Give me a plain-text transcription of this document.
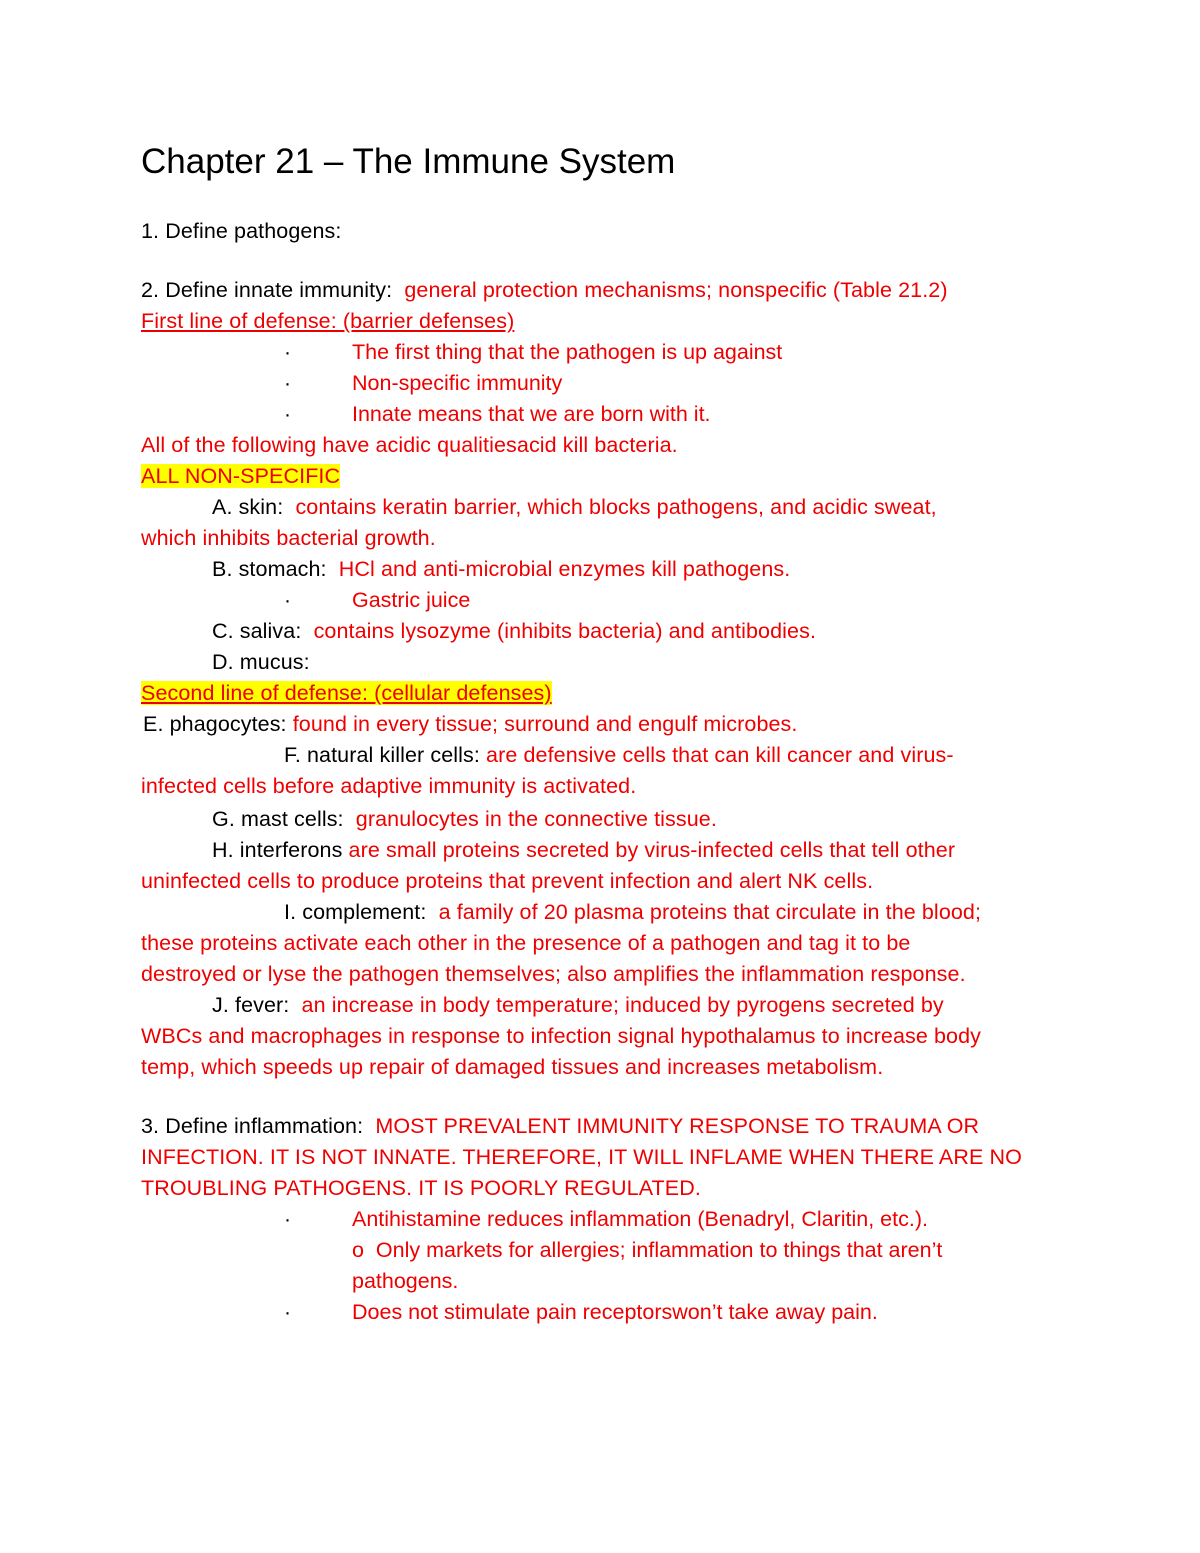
Chapter 21 – The Immune System
1. Define pathogens:
2. Define innate immunity: general protection mechanisms; nonspecific (Table 21.2)
First line of defense: (barrier defenses)
·	The first thing that the pathogen is up against
·	Non-specific immunity
·	Innate means that we are born with it.
All of the following have acidic qualitiesacid kill bacteria.
ALL NON-SPECIFIC
A. skin: contains keratin barrier, which blocks pathogens, and acidic sweat,
which inhibits bacterial growth.
B. stomach: HCl and anti-microbial enzymes kill pathogens.
·	Gastric juice
C. saliva: contains lysozyme (inhibits bacteria) and antibodies.
D. mucus:
Second line of defense: (cellular defenses)
E. phagocytes: found in every tissue; surround and engulf microbes.
F. natural killer cells: are defensive cells that can kill cancer and virus-
infected cells before adaptive immunity is activated.
G. mast cells: granulocytes in the connective tissue.
H. interferons are small proteins secreted by virus-infected cells that tell other
uninfected cells to produce proteins that prevent infection and alert NK cells.
I. complement: a family of 20 plasma proteins that circulate in the blood;
these proteins activate each other in the presence of a pathogen and tag it to be
destroyed or lyse the pathogen themselves; also amplifies the inflammation response.
J. fever: an increase in body temperature; induced by pyrogens secreted by
WBCs and macrophages in response to infection signal hypothalamus to increase body
temp, which speeds up repair of damaged tissues and increases metabolism.
3. Define inflammation: MOST PREVALENT IMMUNITY RESPONSE TO TRAUMA OR
INFECTION. IT IS NOT INNATE. THEREFORE, IT WILL INFLAME WHEN THERE ARE NO
TROUBLING PATHOGENS. IT IS POORLY REGULATED.
·	Antihistamine reduces inflammation (Benadryl, Claritin, etc.).
o Only markets for allergies; inflammation to things that aren’t
pathogens.
·	Does not stimulate pain receptorswon’t take away pain.
